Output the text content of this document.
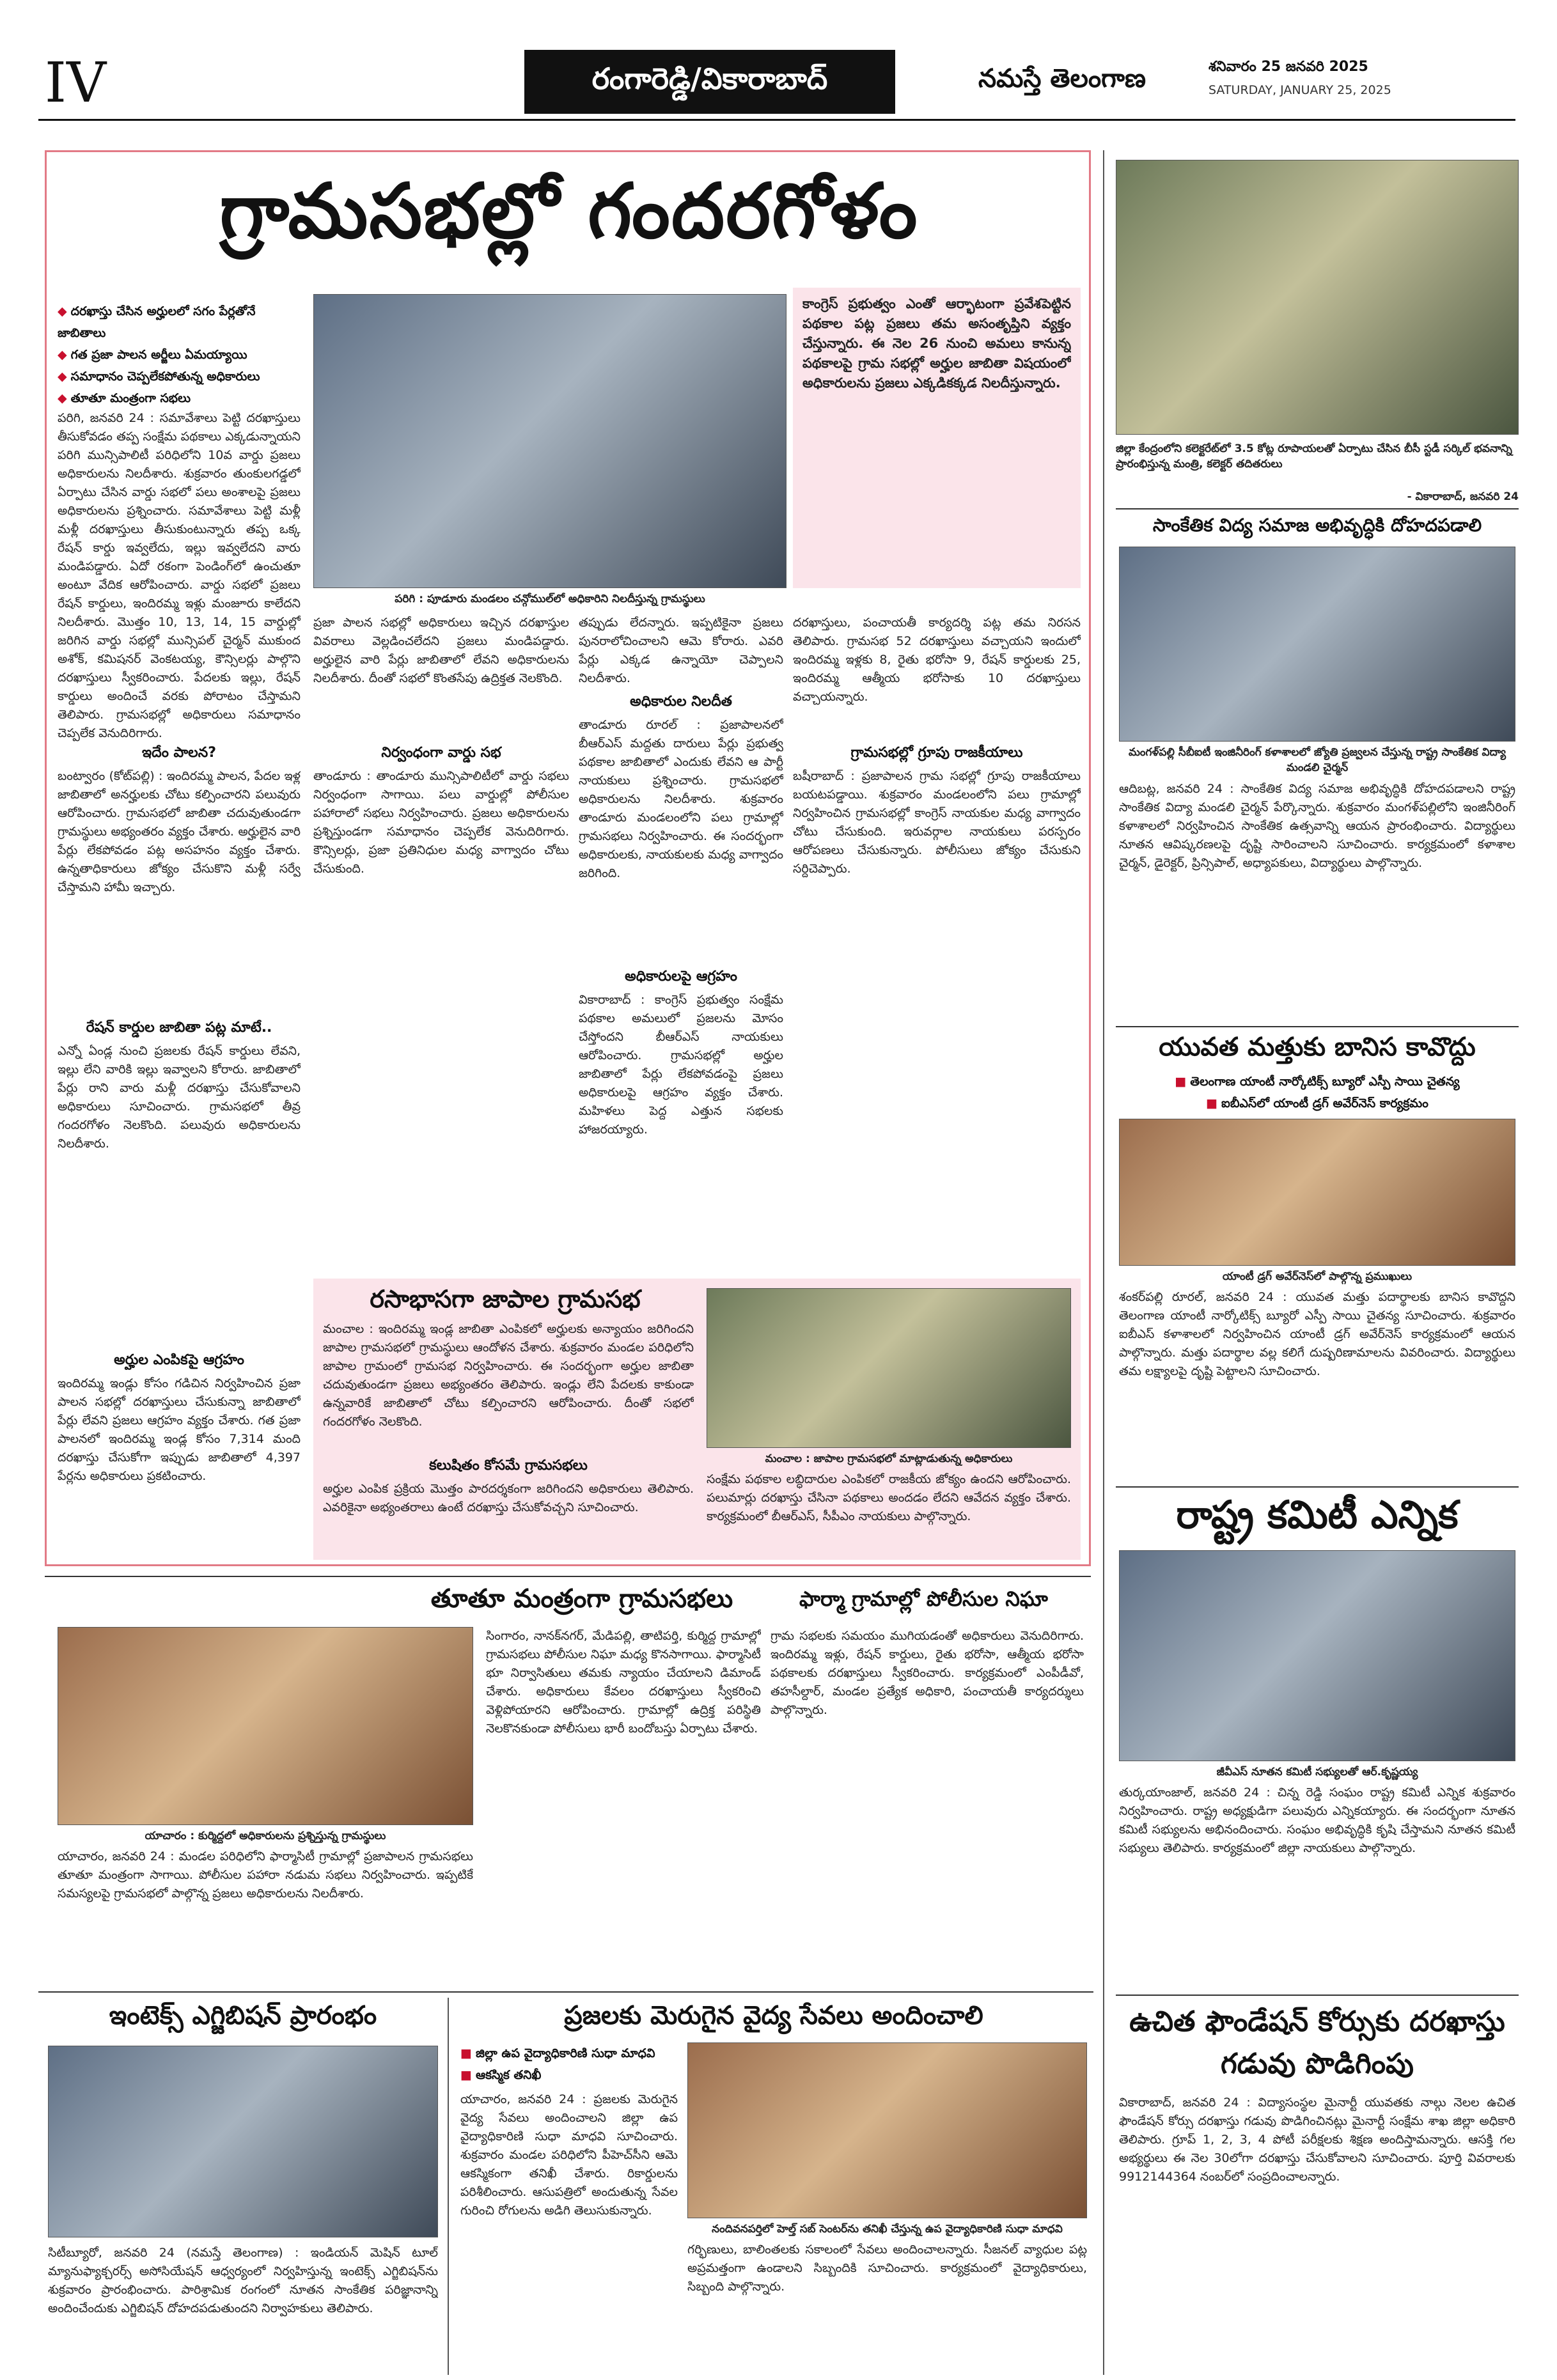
IV	రంగారెడ్డి/వికారాబాద్	నమస్తే తెలంగాణ	శనివారం 25 జనవరి 2025
SATURDAY, JANUARY 25, 2025
గ్రామసభల్లో గందరగోళం
◆ దరఖాస్తు చేసిన అర్హులలో సగం పేర్లతోనే జాబితాలు
◆ గత ప్రజా పాలన అర్జీలు ఏమయ్యాయి
◆ సమాధానం చెప్పలేకపోతున్న అధికారులు
◆ తూతూ మంత్రంగా సభలు
పరిగి : పూడూరు మండలం చన్గోముల్‌లో అధికారిని నిలదీస్తున్న గ్రామస్థులు
కాంగ్రెస్ ప్రభుత్వం ఎంతో ఆర్భాటంగా ప్రవేశపెట్టిన పథకాల పట్ల ప్రజలు తమ అసంతృప్తిని వ్యక్తం చేస్తున్నారు. ఈ నెల 26 నుంచి అమలు కానున్న పథకాలపై గ్రామ సభల్లో అర్హుల జాబితా విషయంలో అధికారులను ప్రజలు ఎక్కడికక్కడ నిలదీస్తున్నారు.
పరిగి, జనవరి 24 : సమావేశాలు పెట్టి దరఖాస్తులు తీసుకోవడం తప్ప సంక్షేమ పథకాలు ఎక్కడున్నాయని పరిగి మున్సిపాలిటీ పరిధిలోని 10వ వార్డు ప్రజలు అధికారులను నిలదీశారు. శుక్రవారం తుంకులగడ్డలో ఏర్పాటు చేసిన వార్డు సభలో పలు అంశాలపై ప్రజలు అధికారులను ప్రశ్నించారు. సమావేశాలు పెట్టి మళ్లీ మళ్లీ దరఖాస్తులు తీసుకుంటున్నారు తప్ప ఒక్క రేషన్ కార్డు ఇవ్వలేదు, ఇల్లు ఇవ్వలేదని వారు మండిపడ్డారు. ఏదో రకంగా పెండింగ్‌లో ఉంచుతూ అంటూ వేదిక ఆరోపించారు. వార్డు సభలో ప్రజలు రేషన్ కార్డులు, ఇందిరమ్మ ఇళ్లు మంజూరు కాలేదని నిలదీశారు. మొత్తం 10, 13, 14, 15 వార్డుల్లో జరిగిన వార్డు సభల్లో మున్సిపల్ చైర్మన్ ముకుంద అశోక్, కమిషనర్ వెంకటయ్య, కౌన్సిలర్లు పాల్గొని దరఖాస్తులు స్వీకరించారు. పేదలకు ఇల్లు, రేషన్ కార్డులు అందించే వరకు పోరాటం చేస్తామని తెలిపారు. గ్రామసభల్లో అధికారులు సమాధానం చెప్పలేక వెనుదిరిగారు.
ఇదేం పాలన?
బంట్వారం (కోట్‌పల్లి) : ఇందిరమ్మ పాలన, పేదల ఇళ్ల జాబితాలో అనర్హులకు చోటు కల్పించారని పలువురు ఆరోపించారు. గ్రామసభలో జాబితా చదువుతుండగా గ్రామస్థులు అభ్యంతరం వ్యక్తం చేశారు. అర్హులైన వారి పేర్లు లేకపోవడం పట్ల అసహనం వ్యక్తం చేశారు. ఉన్నతాధికారులు జోక్యం చేసుకొని మళ్లీ సర్వే చేస్తామని హామీ ఇచ్చారు.
రేషన్ కార్డుల జాబితా పట్ల మాటే..
ఎన్నో ఏండ్ల నుంచి ప్రజలకు రేషన్ కార్డులు లేవని, ఇల్లు లేని వారికి ఇల్లు ఇవ్వాలని కోరారు. జాబితాలో పేర్లు రాని వారు మళ్లీ దరఖాస్తు చేసుకోవాలని అధికారులు సూచించారు. గ్రామసభలో తీవ్ర గందరగోళం నెలకొంది. పలువురు అధికారులను నిలదీశారు.
అర్హుల ఎంపికపై ఆగ్రహం
ఇందిరమ్మ ఇండ్లు కోసం గడిచిన నిర్వహించిన ప్రజా పాలన సభల్లో దరఖాస్తులు చేసుకున్నా జాబితాలో పేర్లు లేవని ప్రజలు ఆగ్రహం వ్యక్తం చేశారు. గత ప్రజా పాలనలో ఇందిరమ్మ ఇండ్ల కోసం 7,314 మంది దరఖాస్తు చేసుకోగా ఇప్పుడు జాబితాలో 4,397 పేర్లను అధికారులు ప్రకటించారు.
ప్రజా పాలన సభల్లో అధికారులు ఇచ్చిన దరఖాస్తుల వివరాలు వెల్లడించలేదని ప్రజలు మండిపడ్డారు. అర్హులైన వారి పేర్లు జాబితాలో లేవని అధికారులను నిలదీశారు. దీంతో సభలో కొంతసేపు ఉద్రిక్తత నెలకొంది.
నిర్వంధంగా వార్డు సభ
తాండూరు : తాండూరు మున్సిపాలిటీలో వార్డు సభలు నిర్వంధంగా సాగాయి. పలు వార్డుల్లో పోలీసుల పహారాలో సభలు నిర్వహించారు. ప్రజలు అధికారులను ప్రశ్నిస్తుండగా సమాధానం చెప్పలేక వెనుదిరిగారు. కౌన్సిలర్లు, ప్రజా ప్రతినిధుల మధ్య వాగ్వాదం చోటు చేసుకుంది.
తప్పుడు లేదన్నారు. ఇప్పటికైనా ప్రజలు పునరాలోచించాలని ఆమె కోరారు. ఎవరి పేర్లు ఎక్కడ ఉన్నాయో చెప్పాలని నిలదీశారు.
అధికారుల నిలదీత
తాండూరు రూరల్ : ప్రజాపాలనలో బీఆర్ఎస్ మద్దతు దారులు పేర్లు ప్రభుత్వ పథకాల జాబితాలో ఎందుకు లేవని ఆ పార్టీ నాయకులు ప్రశ్నించారు. గ్రామసభలో అధికారులను నిలదీశారు. శుక్రవారం తాండూరు మండలంలోని పలు గ్రామాల్లో గ్రామసభలు నిర్వహించారు. ఈ సందర్భంగా అధికారులకు, నాయకులకు మధ్య వాగ్వాదం జరిగింది.
అధికారులపై ఆగ్రహం
వికారాబాద్ : కాంగ్రెస్ ప్రభుత్వం సంక్షేమ పథకాల అమలులో ప్రజలను మోసం చేస్తోందని బీఆర్ఎస్ నాయకులు ఆరోపించారు. గ్రామసభల్లో అర్హుల జాబితాలో పేర్లు లేకపోవడంపై ప్రజలు అధికారులపై ఆగ్రహం వ్యక్తం చేశారు. మహిళలు పెద్ద ఎత్తున సభలకు హాజరయ్యారు.
దరఖాస్తులు, పంచాయతీ కార్యదర్శి పట్ల తమ నిరసన తెలిపారు. గ్రామసభ 52 దరఖాస్తులు వచ్చాయని ఇందులో ఇందిరమ్మ ఇళ్లకు 8, రైతు భరోసా 9, రేషన్ కార్డులకు 25, ఇందిరమ్మ ఆత్మీయ భరోసాకు 10 దరఖాస్తులు వచ్చాయన్నారు.
గ్రామసభల్లో గ్రూపు రాజకీయాలు
బషీరాబాద్ : ప్రజాపాలన గ్రామ సభల్లో గ్రూపు రాజకీయాలు బయటపడ్డాయి. శుక్రవారం మండలంలోని పలు గ్రామాల్లో నిర్వహించిన గ్రామసభల్లో కాంగ్రెస్ నాయకుల మధ్య వాగ్వాదం చోటు చేసుకుంది. ఇరువర్గాల నాయకులు పరస్పరం ఆరోపణలు చేసుకున్నారు. పోలీసులు జోక్యం చేసుకుని సర్దిచెప్పారు.
రసాభాసగా జాపాల గ్రామసభ
మంచాల : ఇందిరమ్మ ఇండ్ల జాబితా ఎంపికలో అర్హులకు అన్యాయం జరిగిందని జాపాల గ్రామసభలో గ్రామస్థులు ఆందోళన చేశారు. శుక్రవారం మండల పరిధిలోని జాపాల గ్రామంలో గ్రామసభ నిర్వహించారు. ఈ సందర్భంగా అర్హుల జాబితా చదువుతుండగా ప్రజలు అభ్యంతరం తెలిపారు. ఇండ్లు లేని పేదలకు కాకుండా ఉన్నవారికే జాబితాలో చోటు కల్పించారని ఆరోపించారు. దీంతో సభలో గందరగోళం నెలకొంది.
కలుషితం కోసమే గ్రామసభలు
అర్హుల ఎంపిక ప్రక్రియ మొత్తం పారదర్శకంగా జరిగిందని అధికారులు తెలిపారు. ఎవరికైనా అభ్యంతరాలు ఉంటే దరఖాస్తు చేసుకోవచ్చని సూచించారు.
మంచాల : జాపాల గ్రామసభలో మాట్లాడుతున్న అధికారులు
సంక్షేమ పథకాల లబ్ధిదారుల ఎంపికలో రాజకీయ జోక్యం ఉందని ఆరోపించారు. పలుమార్లు దరఖాస్తు చేసినా పథకాలు అందడం లేదని ఆవేదన వ్యక్తం చేశారు. కార్యక్రమంలో బీఆర్ఎస్, సీపీఎం నాయకులు పాల్గొన్నారు.
తూతూ మంత్రంగా గ్రామసభలు	ఫార్మా గ్రామాల్లో పోలీసుల నిఘా
యాచారం : కుర్మిద్దలో అధికారులను ప్రశ్నిస్తున్న గ్రామస్థులు
యాచారం, జనవరి 24 : మండల పరిధిలోని ఫార్మాసిటీ గ్రామాల్లో ప్రజాపాలన గ్రామసభలు తూతూ మంత్రంగా సాగాయి. పోలీసుల పహారా నడుమ సభలు నిర్వహించారు. ఇప్పటికే సమస్యలపై గ్రామసభలో పాల్గొన్న ప్రజలు అధికారులను నిలదీశారు.
సింగారం, నానక్‌నగర్, మేడిపల్లి, తాటిపర్తి, కుర్మిద్ద గ్రామాల్లో గ్రామసభలు పోలీసుల నిఘా మధ్య కొనసాగాయి. ఫార్మాసిటీ భూ నిర్వాసితులు తమకు న్యాయం చేయాలని డిమాండ్ చేశారు. అధికారులు కేవలం దరఖాస్తులు స్వీకరించి వెళ్లిపోయారని ఆరోపించారు. గ్రామాల్లో ఉద్రిక్త పరిస్థితి నెలకొనకుండా పోలీసులు భారీ బందోబస్తు ఏర్పాటు చేశారు.
గ్రామ సభలకు సమయం ముగియడంతో అధికారులు వెనుదిరిగారు. ఇందిరమ్మ ఇళ్లు, రేషన్ కార్డులు, రైతు భరోసా, ఆత్మీయ భరోసా పథకాలకు దరఖాస్తులు స్వీకరించారు. కార్యక్రమంలో ఎంపీడీవో, తహసీల్దార్, మండల ప్రత్యేక అధికారి, పంచాయతీ కార్యదర్శులు పాల్గొన్నారు.
ఇంటెక్స్ ఎగ్జిబిషన్ ప్రారంభం
సిటీబ్యూరో, జనవరి 24 (నమస్తే తెలంగాణ) : ఇండియన్ మెషిన్ టూల్ మ్యానుఫ్యాక్చరర్స్ అసోసియేషన్ ఆధ్వర్యంలో నిర్వహిస్తున్న ఇంటెక్స్ ఎగ్జిబిషన్‌ను శుక్రవారం ప్రారంభించారు. పారిశ్రామిక రంగంలో నూతన సాంకేతిక పరిజ్ఞానాన్ని అందించేందుకు ఎగ్జిబిషన్ దోహదపడుతుందని నిర్వాహకులు తెలిపారు.
ప్రజలకు మెరుగైన వైద్య సేవలు అందించాలి
■ జిల్లా ఉప వైద్యాధికారిణి సుధా మాధవి
■ ఆకస్మిక తనిఖీ
యాచారం, జనవరి 24 : ప్రజలకు మెరుగైన వైద్య సేవలు అందించాలని జిల్లా ఉప వైద్యాధికారిణి సుధా మాధవి సూచించారు. శుక్రవారం మండల పరిధిలోని పీహెచ్‌సీని ఆమె ఆకస్మికంగా తనిఖీ చేశారు. రికార్డులను పరిశీలించారు. ఆసుపత్రిలో అందుతున్న సేవల గురించి రోగులను అడిగి తెలుసుకున్నారు.
నందివనపర్తిలో హెల్త్ సబ్ సెంటర్‌ను తనిఖీ చేస్తున్న ఉప వైద్యాధికారిణి సుధా మాధవి
గర్భిణులు, బాలింతలకు సకాలంలో సేవలు అందించాలన్నారు. సీజనల్ వ్యాధుల పట్ల అప్రమత్తంగా ఉండాలని సిబ్బందికి సూచించారు. కార్యక్రమంలో వైద్యాధికారులు, సిబ్బంది పాల్గొన్నారు.
జిల్లా కేంద్రంలోని కలెక్టరేట్‌లో 3.5 కోట్ల రూపాయలతో ఏర్పాటు చేసిన బీసీ స్టడీ సర్కిల్ భవనాన్ని ప్రారంభిస్తున్న మంత్రి, కలెక్టర్ తదితరులు
- వికారాబాద్, జనవరి 24
సాంకేతిక విద్య సమాజ అభివృద్ధికి దోహదపడాలి
మంగళ్‌పల్లి సీబీఐటీ ఇంజినీరింగ్ కళాశాలలో జ్యోతి ప్రజ్వలన చేస్తున్న రాష్ట్ర సాంకేతిక విద్యా మండలి చైర్మన్
ఆదిబట్ల, జనవరి 24 : సాంకేతిక విద్య సమాజ అభివృద్ధికి దోహదపడాలని రాష్ట్ర సాంకేతిక విద్యా మండలి చైర్మన్ పేర్కొన్నారు. శుక్రవారం మంగళ్‌పల్లిలోని ఇంజినీరింగ్ కళాశాలలో నిర్వహించిన సాంకేతిక ఉత్సవాన్ని ఆయన ప్రారంభించారు. విద్యార్థులు నూతన ఆవిష్కరణలపై దృష్టి సారించాలని సూచించారు. కార్యక్రమంలో కళాశాల చైర్మన్, డైరెక్టర్, ప్రిన్సిపాల్, అధ్యాపకులు, విద్యార్థులు పాల్గొన్నారు.
యువత మత్తుకు బానిస కావొద్దు
■ తెలంగాణ యాంటీ నార్కోటిక్స్ బ్యూరో ఎస్పీ సాయి చైతన్య
■ ఐబీఎస్‌లో యాంటీ డ్రగ్ అవేర్‌నెస్ కార్యక్రమం
యాంటీ డ్రగ్ అవేర్‌నెస్‌లో పాల్గొన్న ప్రముఖులు
శంకర్‌పల్లి రూరల్, జనవరి 24 : యువత మత్తు పదార్థాలకు బానిస కావొద్దని తెలంగాణ యాంటీ నార్కోటిక్స్ బ్యూరో ఎస్పీ సాయి చైతన్య సూచించారు. శుక్రవారం ఐబీఎస్ కళాశాలలో నిర్వహించిన యాంటీ డ్రగ్ అవేర్‌నెస్ కార్యక్రమంలో ఆయన పాల్గొన్నారు. మత్తు పదార్థాల వల్ల కలిగే దుష్పరిణామాలను వివరించారు. విద్యార్థులు తమ లక్ష్యాలపై దృష్టి పెట్టాలని సూచించారు.
రాష్ట్ర కమిటీ ఎన్నిక
జీవీఎస్ నూతన కమిటీ సభ్యులతో ఆర్.కృష్ణయ్య
తుర్కయాంజాల్, జనవరి 24 : చిన్న రెడ్డి సంఘం రాష్ట్ర కమిటీ ఎన్నిక శుక్రవారం నిర్వహించారు. రాష్ట్ర అధ్యక్షుడిగా పలువురు ఎన్నికయ్యారు. ఈ సందర్భంగా నూతన కమిటీ సభ్యులను అభినందించారు. సంఘం అభివృద్ధికి కృషి చేస్తామని నూతన కమిటీ సభ్యులు తెలిపారు. కార్యక్రమంలో జిల్లా నాయకులు పాల్గొన్నారు.
ఉచిత ఫౌండేషన్ కోర్సుకు దరఖాస్తు గడువు పొడిగింపు
వికారాబాద్, జనవరి 24 : విద్యాసంస్థల మైనార్టీ యువతకు నాల్గు నెలల ఉచిత ఫౌండేషన్ కోర్సు దరఖాస్తు గడువు పొడిగించినట్లు మైనార్టీ సంక్షేమ శాఖ జిల్లా అధికారి తెలిపారు. గ్రూప్ 1, 2, 3, 4 పోటీ పరీక్షలకు శిక్షణ అందిస్తామన్నారు. ఆసక్తి గల అభ్యర్థులు ఈ నెల 30లోగా దరఖాస్తు చేసుకోవాలని సూచించారు. పూర్తి వివరాలకు 9912144364 నంబర్‌లో సంప్రదించాలన్నారు.
